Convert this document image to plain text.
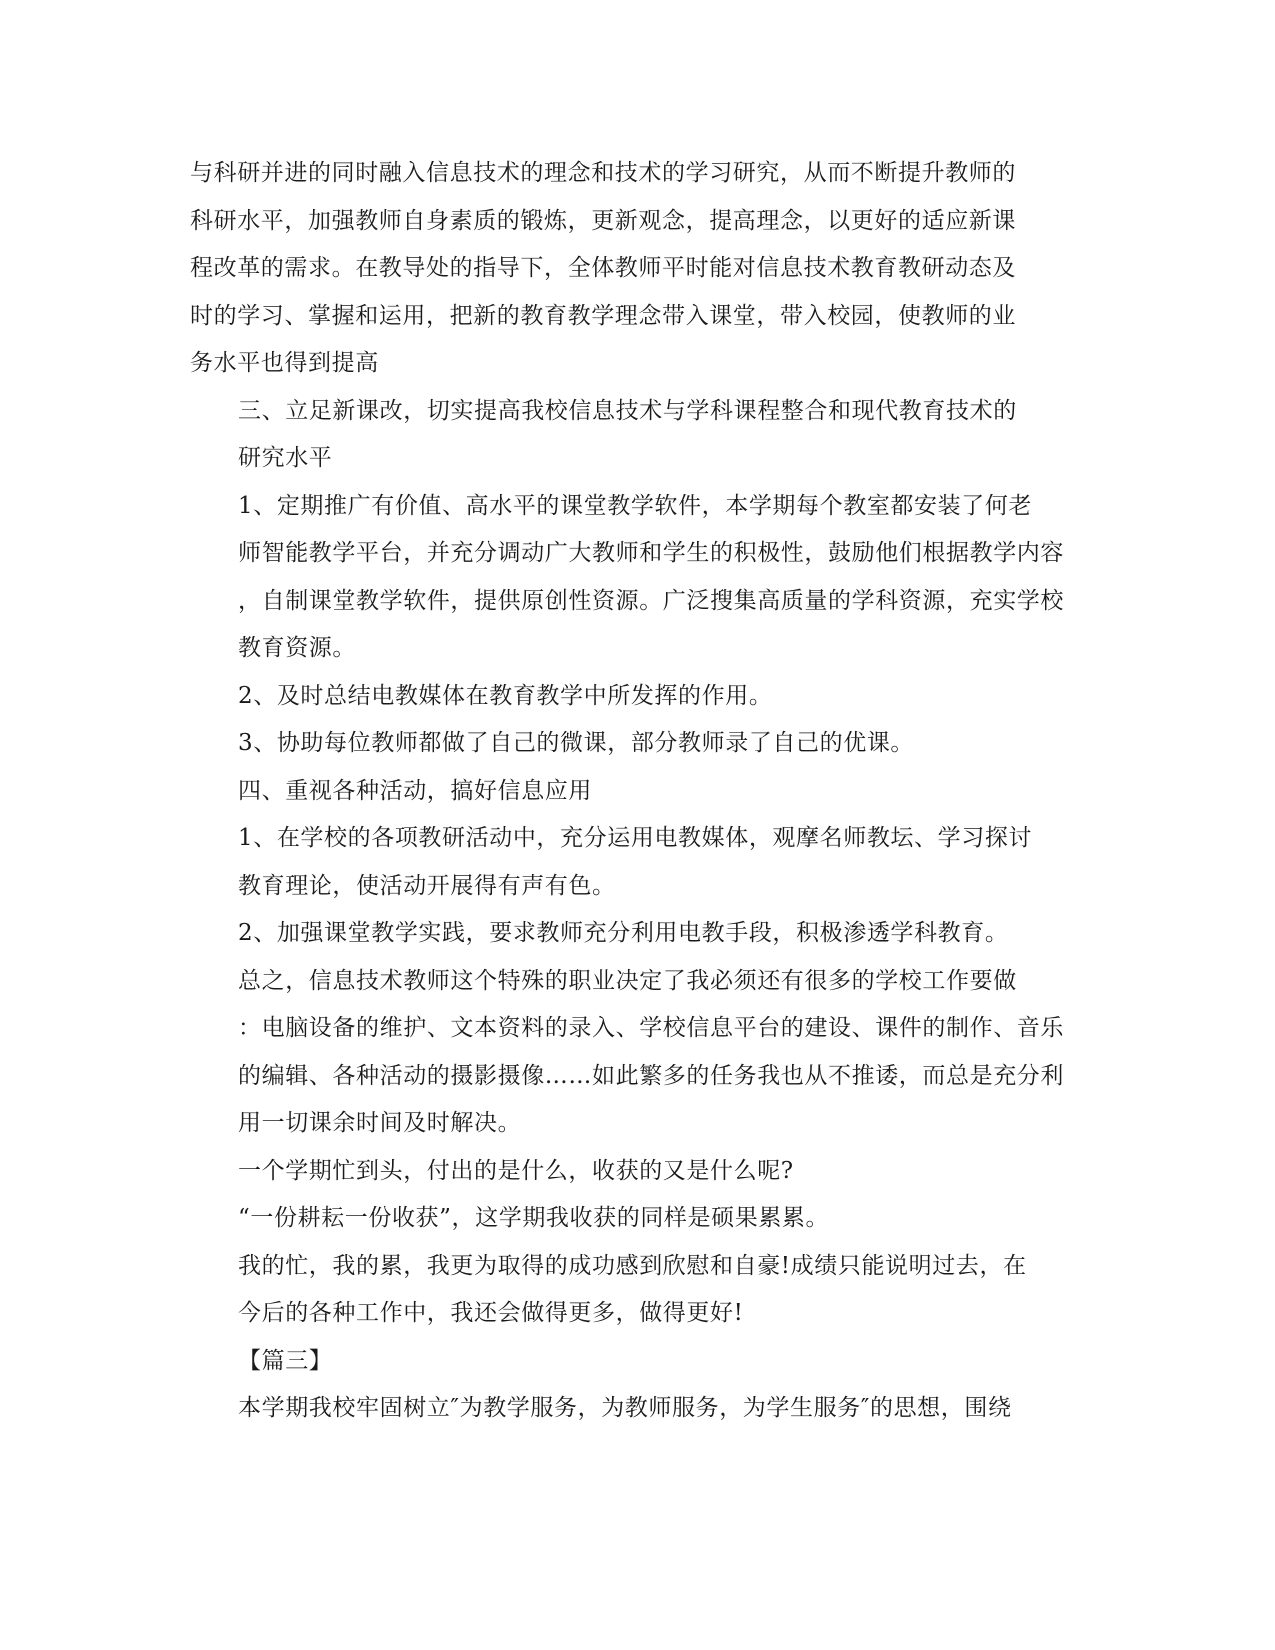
与科研并进的同时融入信息技术的理念和技术的学习研究，从而不断提升教师的
科研水平，加强教师自身素质的锻炼，更新观念，提高理念，以更好的适应新课
程改革的需求。在教导处的指导下，全体教师平时能对信息技术教育教研动态及
时的学习、掌握和运用，把新的教育教学理念带入课堂，带入校园，使教师的业
务水平也得到提高

三、立足新课改，切实提高我校信息技术与学科课程整合和现代教育技术的
研究水平

1、定期推广有价值、高水平的课堂教学软件，本学期每个教室都安装了何老
师智能教学平台，并充分调动广大教师和学生的积极性，鼓励他们根据教学内容
，自制课堂教学软件，提供原创性资源。广泛搜集高质量的学科资源，充实学校
教育资源。

2、及时总结电教媒体在教育教学中所发挥的作用。

3、协助每位教师都做了自己的微课，部分教师录了自己的优课。

四、重视各种活动，搞好信息应用

1、在学校的各项教研活动中，充分运用电教媒体，观摩名师教坛、学习探讨
教育理论，使活动开展得有声有色。

2、加强课堂教学实践，要求教师充分利用电教手段，积极渗透学科教育。

总之，信息技术教师这个特殊的职业决定了我必须还有很多的学校工作要做
：电脑设备的维护、文本资料的录入、学校信息平台的建设、课件的制作、音乐
的编辑、各种活动的摄影摄像……如此繁多的任务我也从不推诿，而总是充分利
用一切课余时间及时解决。

一个学期忙到头，付出的是什么，收获的又是什么呢?

“一份耕耘一份收获”，这学期我收获的同样是硕果累累。

我的忙，我的累，我更为取得的成功感到欣慰和自豪!成绩只能说明过去，在
今后的各种工作中，我还会做得更多，做得更好!

【篇三】

本学期我校牢固树立″为教学服务，为教师服务，为学生服务″的思想，围绕
